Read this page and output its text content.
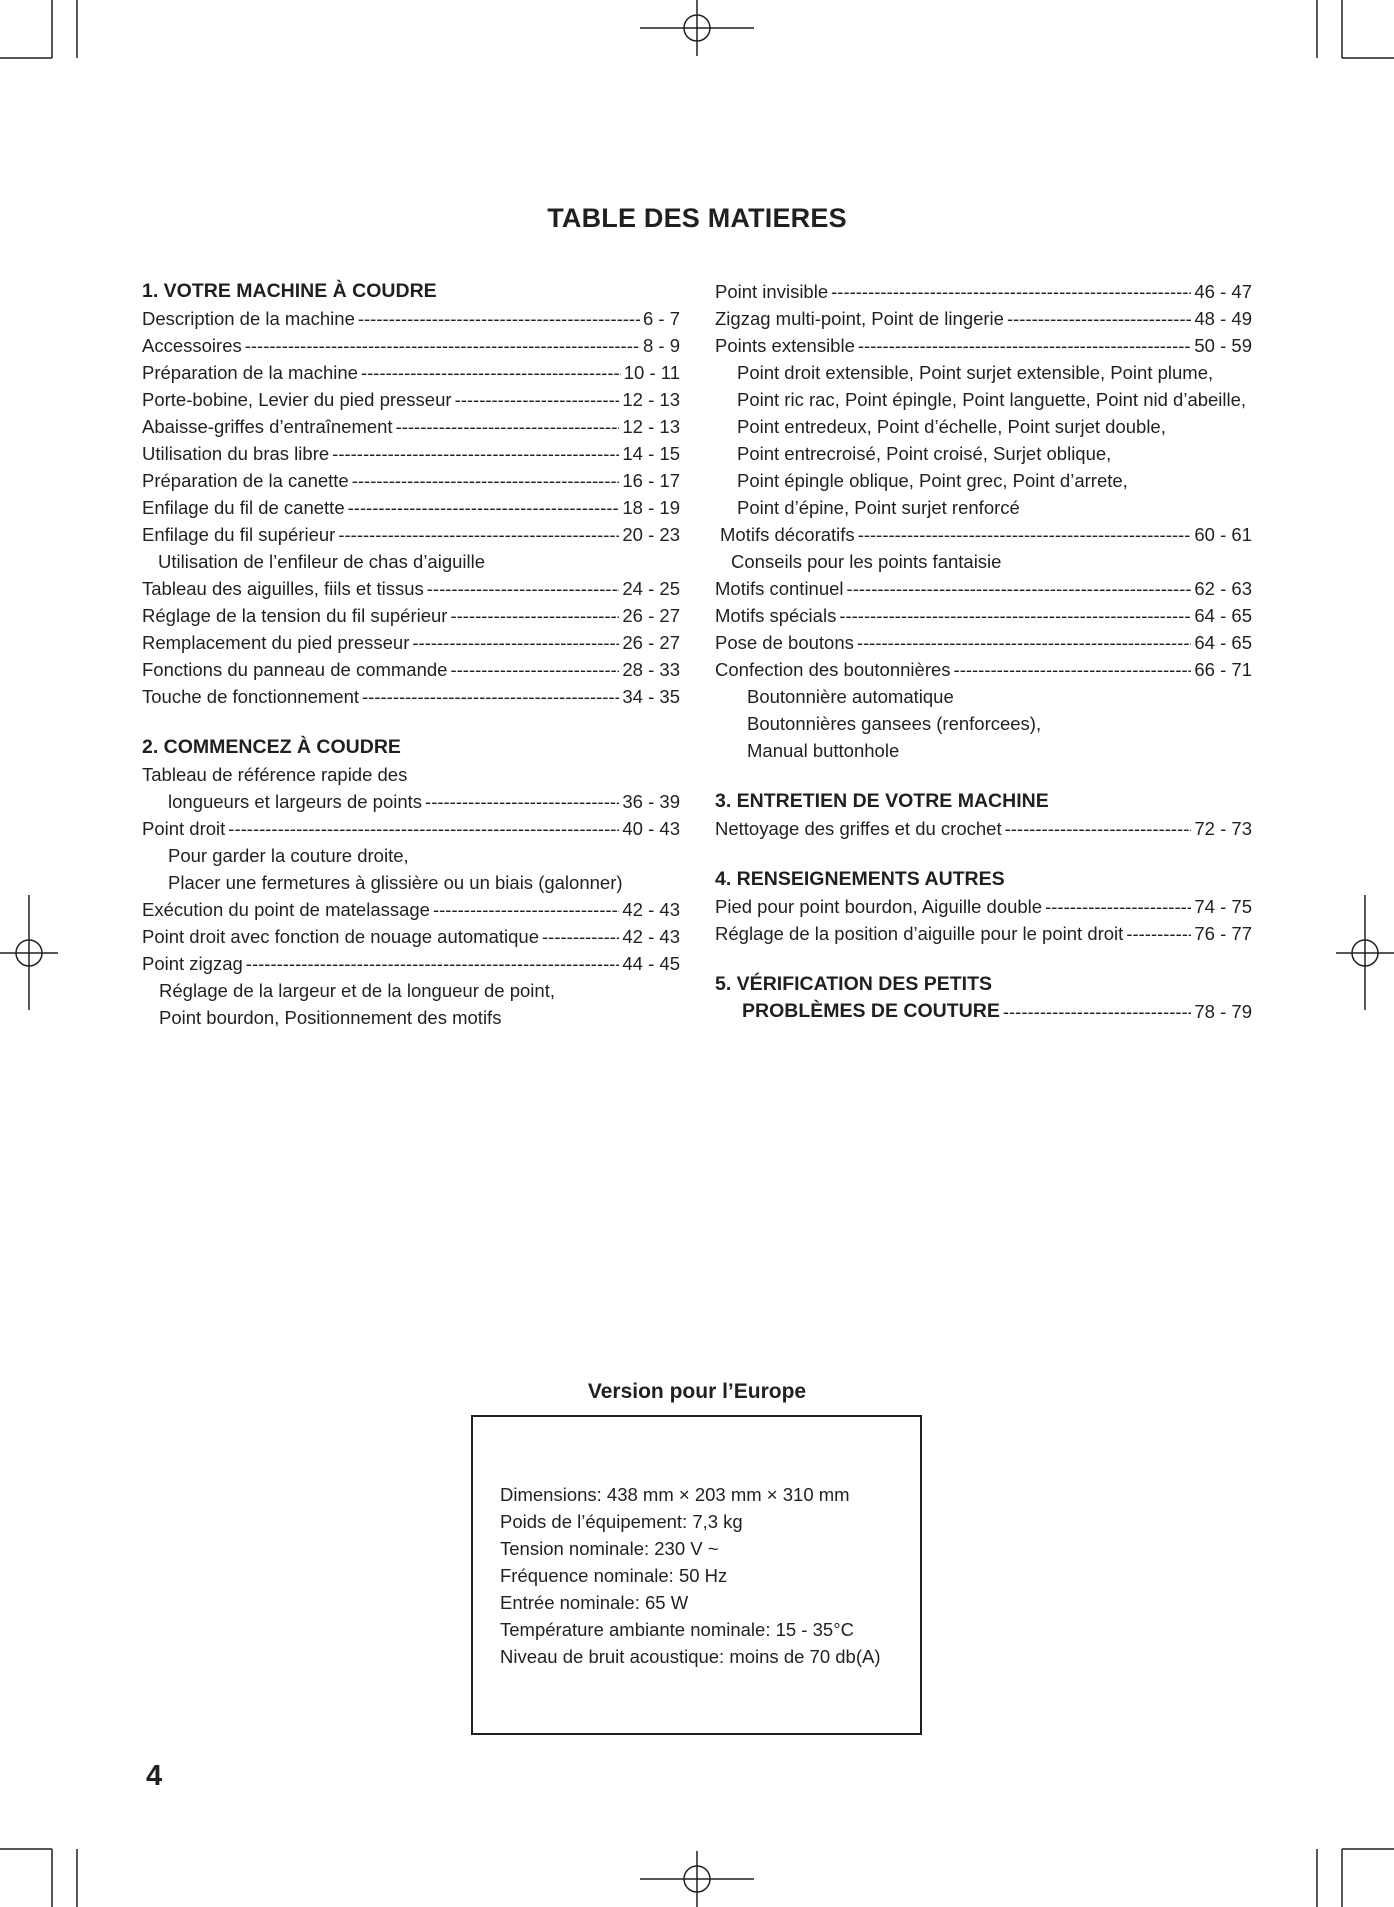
TABLE DES MATIERES
1. VOTRE MACHINE À COUDRE
Description de la machine -----	6 - 7
Accessoires -----	8 - 9
Préparation de la machine -----	10 - 11
Porte-bobine, Levier du pied presseur -----	12 - 13
Abaisse-griffes d’entraînement -----	12 - 13
Utilisation du bras libre -----	14 - 15
Préparation de la canette -----	16 - 17
Enfilage du fil de canette -----	18 - 19
Enfilage du fil supérieur -----	20 - 23
Utilisation de l’enfileur de chas d’aiguille
Tableau des aiguilles, fiils et tissus -----	24 - 25
Réglage de la tension du fil supérieur -----	26 - 27
Remplacement du pied presseur -----	26 - 27
Fonctions du panneau de commande -----	28 - 33
Touche de fonctionnement -----	34 - 35
2. COMMENCEZ À COUDRE
Tableau de référence rapide des
longueurs et largeurs de points -----	36 - 39
Point droit -----	40 - 43
Pour garder la couture droite,
Placer une fermetures à glissière ou un biais (galonner)
Exécution du point de matelassage -----	42 - 43
Point droit avec fonction de nouage automatique -----	42 - 43
Point zigzag -----	44 - 45
Réglage de la largeur et de la longueur de point,
Point bourdon, Positionnement des motifs
Point invisible -----	46 - 47
Zigzag multi-point, Point de lingerie -----	48 - 49
Points extensible -----	50 - 59
Point droit extensible, Point surjet extensible, Point plume,
Point ric rac, Point épingle, Point languette, Point nid d’abeille,
Point entredeux, Point d’échelle, Point surjet double,
Point entrecroisé, Point croisé, Surjet oblique,
Point épingle oblique, Point grec, Point d’arrete,
Point d’épine, Point surjet renforcé
Motifs décoratifs -----	60 - 61
Conseils pour les points fantaisie
Motifs continuel -----	62 - 63
Motifs spécials -----	64 - 65
Pose de boutons -----	64 - 65
Confection des boutonnières -----	66 - 71
Boutonnière automatique
Boutonnières gansees (renforcees),
Manual buttonhole
3. ENTRETIEN DE VOTRE MACHINE
Nettoyage des griffes et du crochet -----	72 - 73
4. RENSEIGNEMENTS AUTRES
Pied pour point bourdon, Aiguille double -----	74 - 75
Réglage de la position d’aiguille pour le point droit -----	76 - 77
5. VÉRIFICATION DES PETITS
PROBLÈMES DE COUTURE -----	78 - 79
Version pour l’Europe
Dimensions: 438 mm × 203 mm × 310 mm
Poids de l’équipement: 7,3 kg
Tension nominale: 230 V ~
Fréquence nominale: 50 Hz
Entrée nominale: 65 W
Température ambiante nominale: 15 - 35°C
Niveau de bruit acoustique: moins de 70 db(A)
4
